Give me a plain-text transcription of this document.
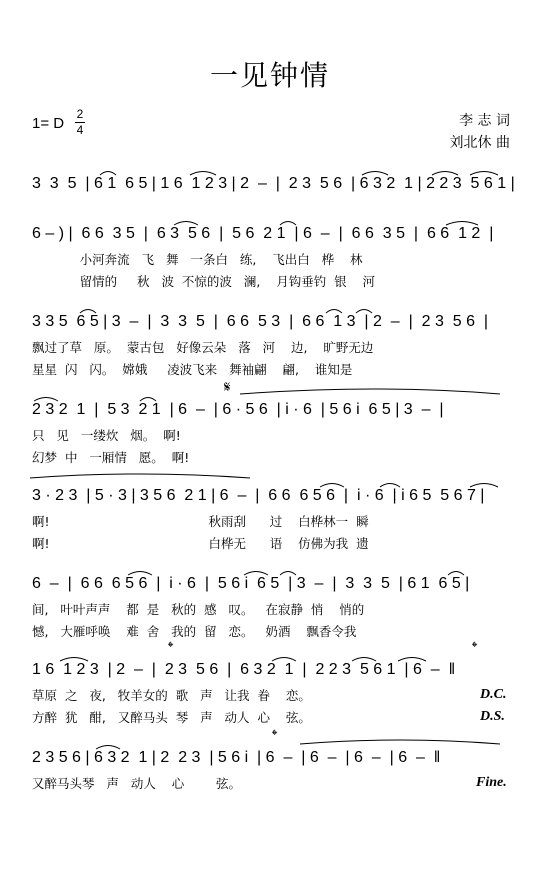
一见钟情
1= D
2
4
李 志 词
刘北休 曲
3  3  5  | 6 1  6 5 | 1 6  1 2 3 | 2  –  |  2 3  5 6  | 6 3 2  1 | 2 2 3  5 6 1 |
6 – ) |  6 6  3 5  |  6 3  5 6  |  5 6  2 1  | 6  –  |  6 6  3 5  |  6 6  1 2  |
小河奔流   飞   舞   一条白   练,    飞出白   桦    林
留情的     秋   波  不惊的波   澜,    月钩垂钓  银    河
3 3 5  6 5 | 3  –  |  3  3  5  |  6 6  5 3  |  6 6  1 3  | 2  –  |  2 3  5 6  |
飘过了草   原。  蒙古包   好像云朵   落   河    边,    旷野无边
星星  闪   闪。  嫦娥     凌波飞来   舞袖翩    翩,    谁知是
2 3 2  1  |  5 3  2 1  | 6  –  | 6 · 5 6  | i · 6  | 5 6 i  6 5 | 3  –  |
只   见   一缕炊   烟。  啊!
幻梦  中   一厢情   愿。  啊!
𝄋
3 · 2 3  | 5 · 3 | 3 5 6  2 1 | 6  –  |  6 6  6 5 6  |  i · 6  | i 6 5  5 6 7 |
啊!                                        秋雨刮      过    白桦林一  瞬
啊!                                        白桦无      语    仿佛为我  遗
6  –  |  6 6  6 5 6  |  i · 6  |  5 6 i  6 5  | 3  –  |  3  3  5  | 6 1  6 5 |
间,   叶叶声声    都  是   秋的  感   叹。   在寂静  悄    悄的
憾,   大雁呼唤    难  舍   我的  留   恋。   奶酒    飘香令我
1 6  1 2 3  | 2  –  |  2 3  5 6  |  6 3 2  1  |  2 2 3  5 6 1  | 6  –  ‖
草原  之   夜,   牧羊女的  歌   声   让我  眷    恋。
方醉  犹   酣,   又醉马头  琴   声   动人  心    弦。
D.C.
D.S.
𝄌	𝄌
2 3 5 6 | 6 3 2  1 | 2  2 3  | 5 6 i  | 6  –  | 6  –  | 6  –  | 6  –  ‖
又醉马头琴   声   动人    心        弦。	Fine.
𝄌
